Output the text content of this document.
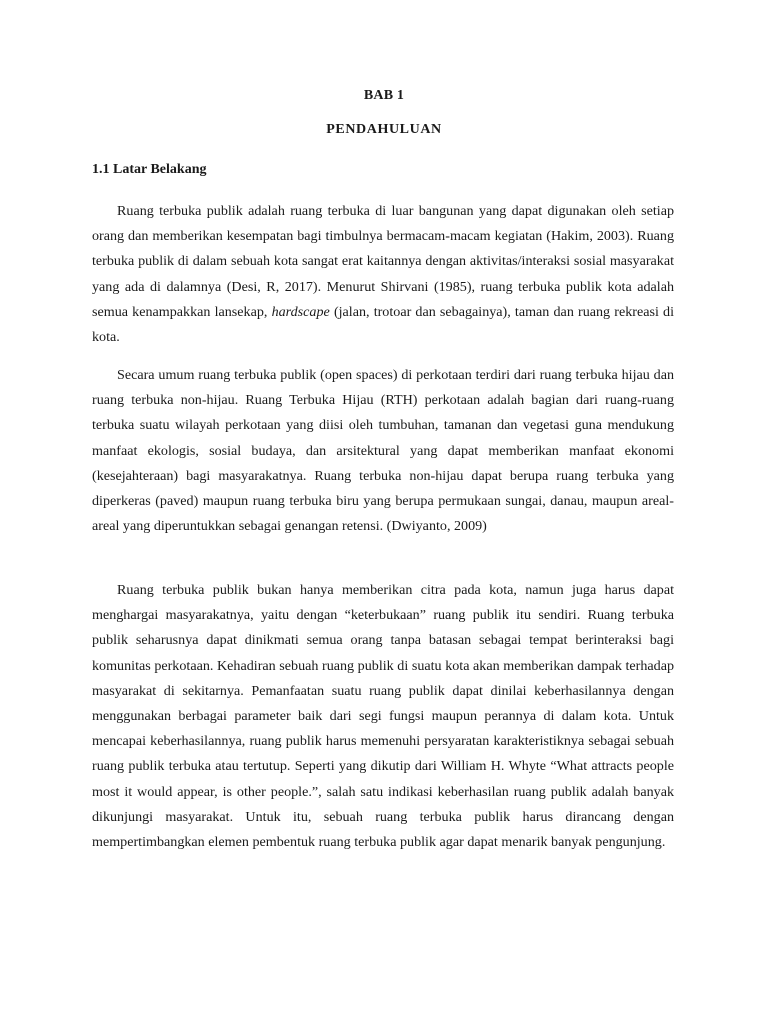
BAB 1
PENDAHULUAN
1.1 Latar Belakang

Ruang terbuka publik adalah ruang terbuka di luar bangunan yang dapat digunakan oleh setiap orang dan memberikan kesempatan bagi timbulnya bermacam-macam kegiatan (Hakim, 2003). Ruang terbuka publik di dalam sebuah kota sangat erat kaitannya dengan aktivitas/interaksi sosial masyarakat yang ada di dalamnya (Desi, R, 2017). Menurut Shirvani (1985), ruang terbuka publik kota adalah semua kenampakkan lansekap, hardscape (jalan, trotoar dan sebagainya), taman dan ruang rekreasi di kota.

Secara umum ruang terbuka publik (open spaces) di perkotaan terdiri dari ruang terbuka hijau dan ruang terbuka non-hijau. Ruang Terbuka Hijau (RTH) perkotaan adalah bagian dari ruang-ruang terbuka suatu wilayah perkotaan yang diisi oleh tumbuhan, tamanan dan vegetasi guna mendukung manfaat ekologis, sosial budaya, dan arsitektural yang dapat memberikan manfaat ekonomi (kesejahteraan) bagi masyarakatnya. Ruang terbuka non-hijau dapat berupa ruang terbuka yang diperkeras (paved) maupun ruang terbuka biru yang berupa permukaan sungai, danau, maupun areal-areal yang diperuntukkan sebagai genangan retensi. (Dwiyanto, 2009)

Ruang terbuka publik bukan hanya memberikan citra pada kota, namun juga harus dapat menghargai masyarakatnya, yaitu dengan “keterbukaan” ruang publik itu sendiri. Ruang terbuka publik seharusnya dapat dinikmati semua orang tanpa batasan sebagai tempat berinteraksi bagi komunitas perkotaan. Kehadiran sebuah ruang publik di suatu kota akan memberikan dampak terhadap masyarakat di sekitarnya. Pemanfaatan suatu ruang publik dapat dinilai keberhasilannya dengan menggunakan berbagai parameter baik dari segi fungsi maupun perannya di dalam kota. Untuk mencapai keberhasilannya, ruang publik harus memenuhi persyaratan karakteristiknya sebagai sebuah ruang publik terbuka atau tertutup. Seperti yang dikutip dari William H. Whyte “What attracts people most it would appear, is other people.”, salah satu indikasi keberhasilan ruang publik adalah banyak dikunjungi masyarakat. Untuk itu, sebuah ruang terbuka publik harus dirancang dengan mempertimbangkan elemen pembentuk ruang terbuka publik agar dapat menarik banyak pengunjung.
